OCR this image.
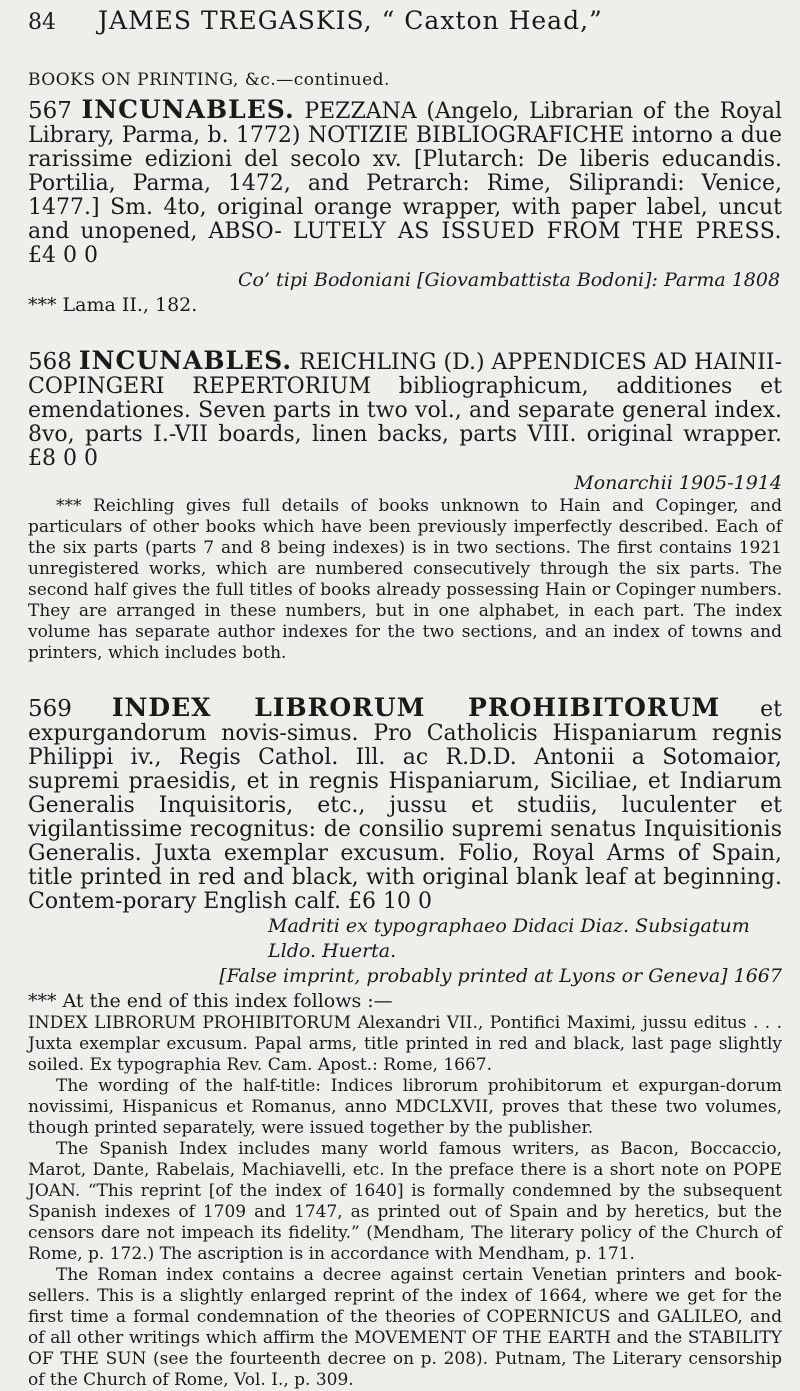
84	JAMES TREGASKIS, “ Caxton Head,”
BOOKS ON PRINTING, &c.—continued.

567 INCUNABLES. PEZZANA (Angelo, Librarian of the Royal Library, Parma, b. 1772) NOTIZIE BIBLIOGRAFICHE intorno a due rarissime edizioni del secolo xv. [Plutarch: De liberis educandis. Portilia, Parma, 1472, and Petrarch: Rime, Siliprandi: Venice, 1477.] Sm. 4to, original orange wrapper, with paper label, uncut and unopened, ABSO- LUTELY AS ISSUED FROM THE PRESS. £4 0 0

Co’ tipi Bodoniani [Giovambattista Bodoni]: Parma 1808

*** Lama II., 182.

568 INCUNABLES. REICHLING (D.) APPENDICES AD HAINII-COPINGERI REPERTORIUM bibliographicum, additiones et emendationes. Seven parts in two vol., and separate general index. 8vo, parts I.-VII boards, linen backs, parts VIII. original wrapper. £8 0 0

Monarchii 1905-1914

*** Reichling gives full details of books unknown to Hain and Copinger, and particulars of other books which have been previously imperfectly described. Each of the six parts (parts 7 and 8 being indexes) is in two sections. The first contains 1921 unregistered works, which are numbered consecutively through the six parts. The second half gives the full titles of books already possessing Hain or Copinger numbers. They are arranged in these numbers, but in one alphabet, in each part. The index volume has separate author indexes for the two sections, and an index of towns and printers, which includes both.

569 INDEX LIBRORUM PROHIBITORUM et expurgandorum novis-simus. Pro Catholicis Hispaniarum regnis Philippi iv., Regis Cathol. Ill. ac R.D.D. Antonii a Sotomaior, supremi praesidis, et in regnis Hispaniarum, Siciliae, et Indiarum Generalis Inquisitoris, etc., jussu et studiis, luculenter et vigilantissime recognitus: de consilio supremi senatus Inquisitionis Generalis. Juxta exemplar excusum. Folio, Royal Arms of Spain, title printed in red and black, with original blank leaf at beginning. Contem-porary English calf. £6 10 0

Madriti ex typographaeo Didaci Diaz. Subsigatum Lldo. Huerta.

[False imprint, probably printed at Lyons or Geneva] 1667

*** At the end of this index follows :—

INDEX LIBRORUM PROHIBITORUM Alexandri VII., Pontifici Maximi, jussu editus . . . Juxta exemplar excusum. Papal arms, title printed in red and black, last page slightly soiled. Ex typographia Rev. Cam. Apost.: Rome, 1667.

The wording of the half-title: Indices librorum prohibitorum et expurgan-dorum novissimi, Hispanicus et Romanus, anno MDCLXVII, proves that these two volumes, though printed separately, were issued together by the publisher.

The Spanish Index includes many world famous writers, as Bacon, Boccaccio, Marot, Dante, Rabelais, Machiavelli, etc. In the preface there is a short note on POPE JOAN. “This reprint [of the index of 1640] is formally condemned by the subsequent Spanish indexes of 1709 and 1747, as printed out of Spain and by heretics, but the censors dare not impeach its fidelity.” (Mendham, The literary policy of the Church of Rome, p. 172.) The ascription is in accordance with Mendham, p. 171.

The Roman index contains a decree against certain Venetian printers and book-sellers. This is a slightly enlarged reprint of the index of 1664, where we get for the first time a formal condemnation of the theories of COPERNICUS and GALILEO, and of all other writings which affirm the MOVEMENT OF THE EARTH and the STABILITY OF THE SUN (see the fourteenth decree on p. 208). Putnam, The Literary censorship of the Church of Rome, Vol. I., p. 309.
